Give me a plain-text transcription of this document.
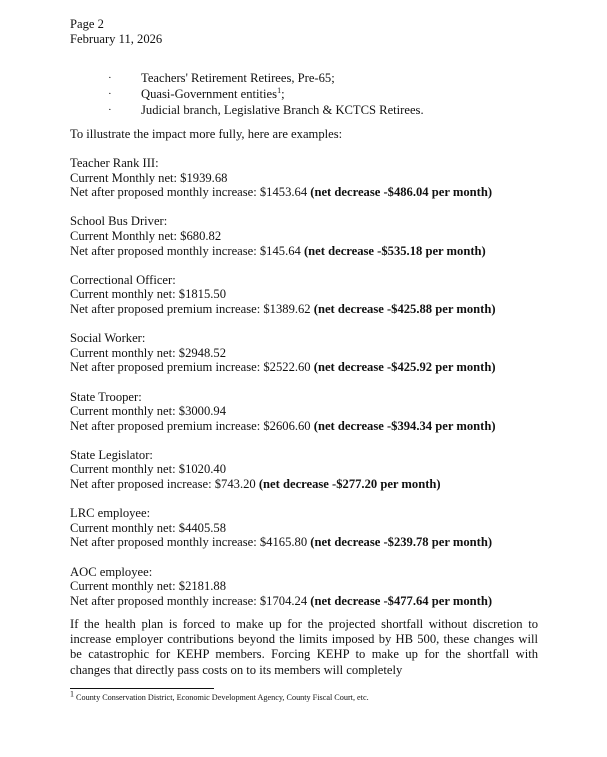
Page 2
February 11, 2026
·	Teachers' Retirement Retirees, Pre-65;
·	Quasi-Government entities$^1$;
·	Judicial branch, Legislative Branch & KCTCS Retirees.
To illustrate the impact more fully, here are examples:
Teacher Rank III:
Current Monthly net: $1939.68
Net after proposed monthly increase: $1453.64 (net decrease -$486.04 per month)
School Bus Driver:
Current Monthly net: $680.82
Net after proposed monthly increase: $145.64 (net decrease -$535.18 per month)
Correctional Officer:
Current monthly net: $1815.50
Net after proposed premium increase: $1389.62 (net decrease -$425.88 per month)
Social Worker:
Current monthly net: $2948.52
Net after proposed premium increase: $2522.60 (net decrease -$425.92 per month)
State Trooper:
Current monthly net: $3000.94
Net after proposed premium increase: $2606.60 (net decrease -$394.34 per month)
State Legislator:
Current monthly net: $1020.40
Net after proposed increase: $743.20 (net decrease -$277.20 per month)
LRC employee:
Current monthly net: $4405.58
Net after proposed monthly increase: $4165.80 (net decrease -$239.78 per month)
AOC employee:
Current monthly net: $2181.88
Net after proposed monthly increase: $1704.24 (net decrease -$477.64 per month)
If the health plan is forced to make up for the projected shortfall without discretion to increase employer contributions beyond the limits imposed by HB 500, these changes will be catastrophic for KEHP members. Forcing KEHP to make up for the shortfall with changes that directly pass costs on to its members will completely
$^1$ County Conservation District, Economic Development Agency, County Fiscal Court, etc.
